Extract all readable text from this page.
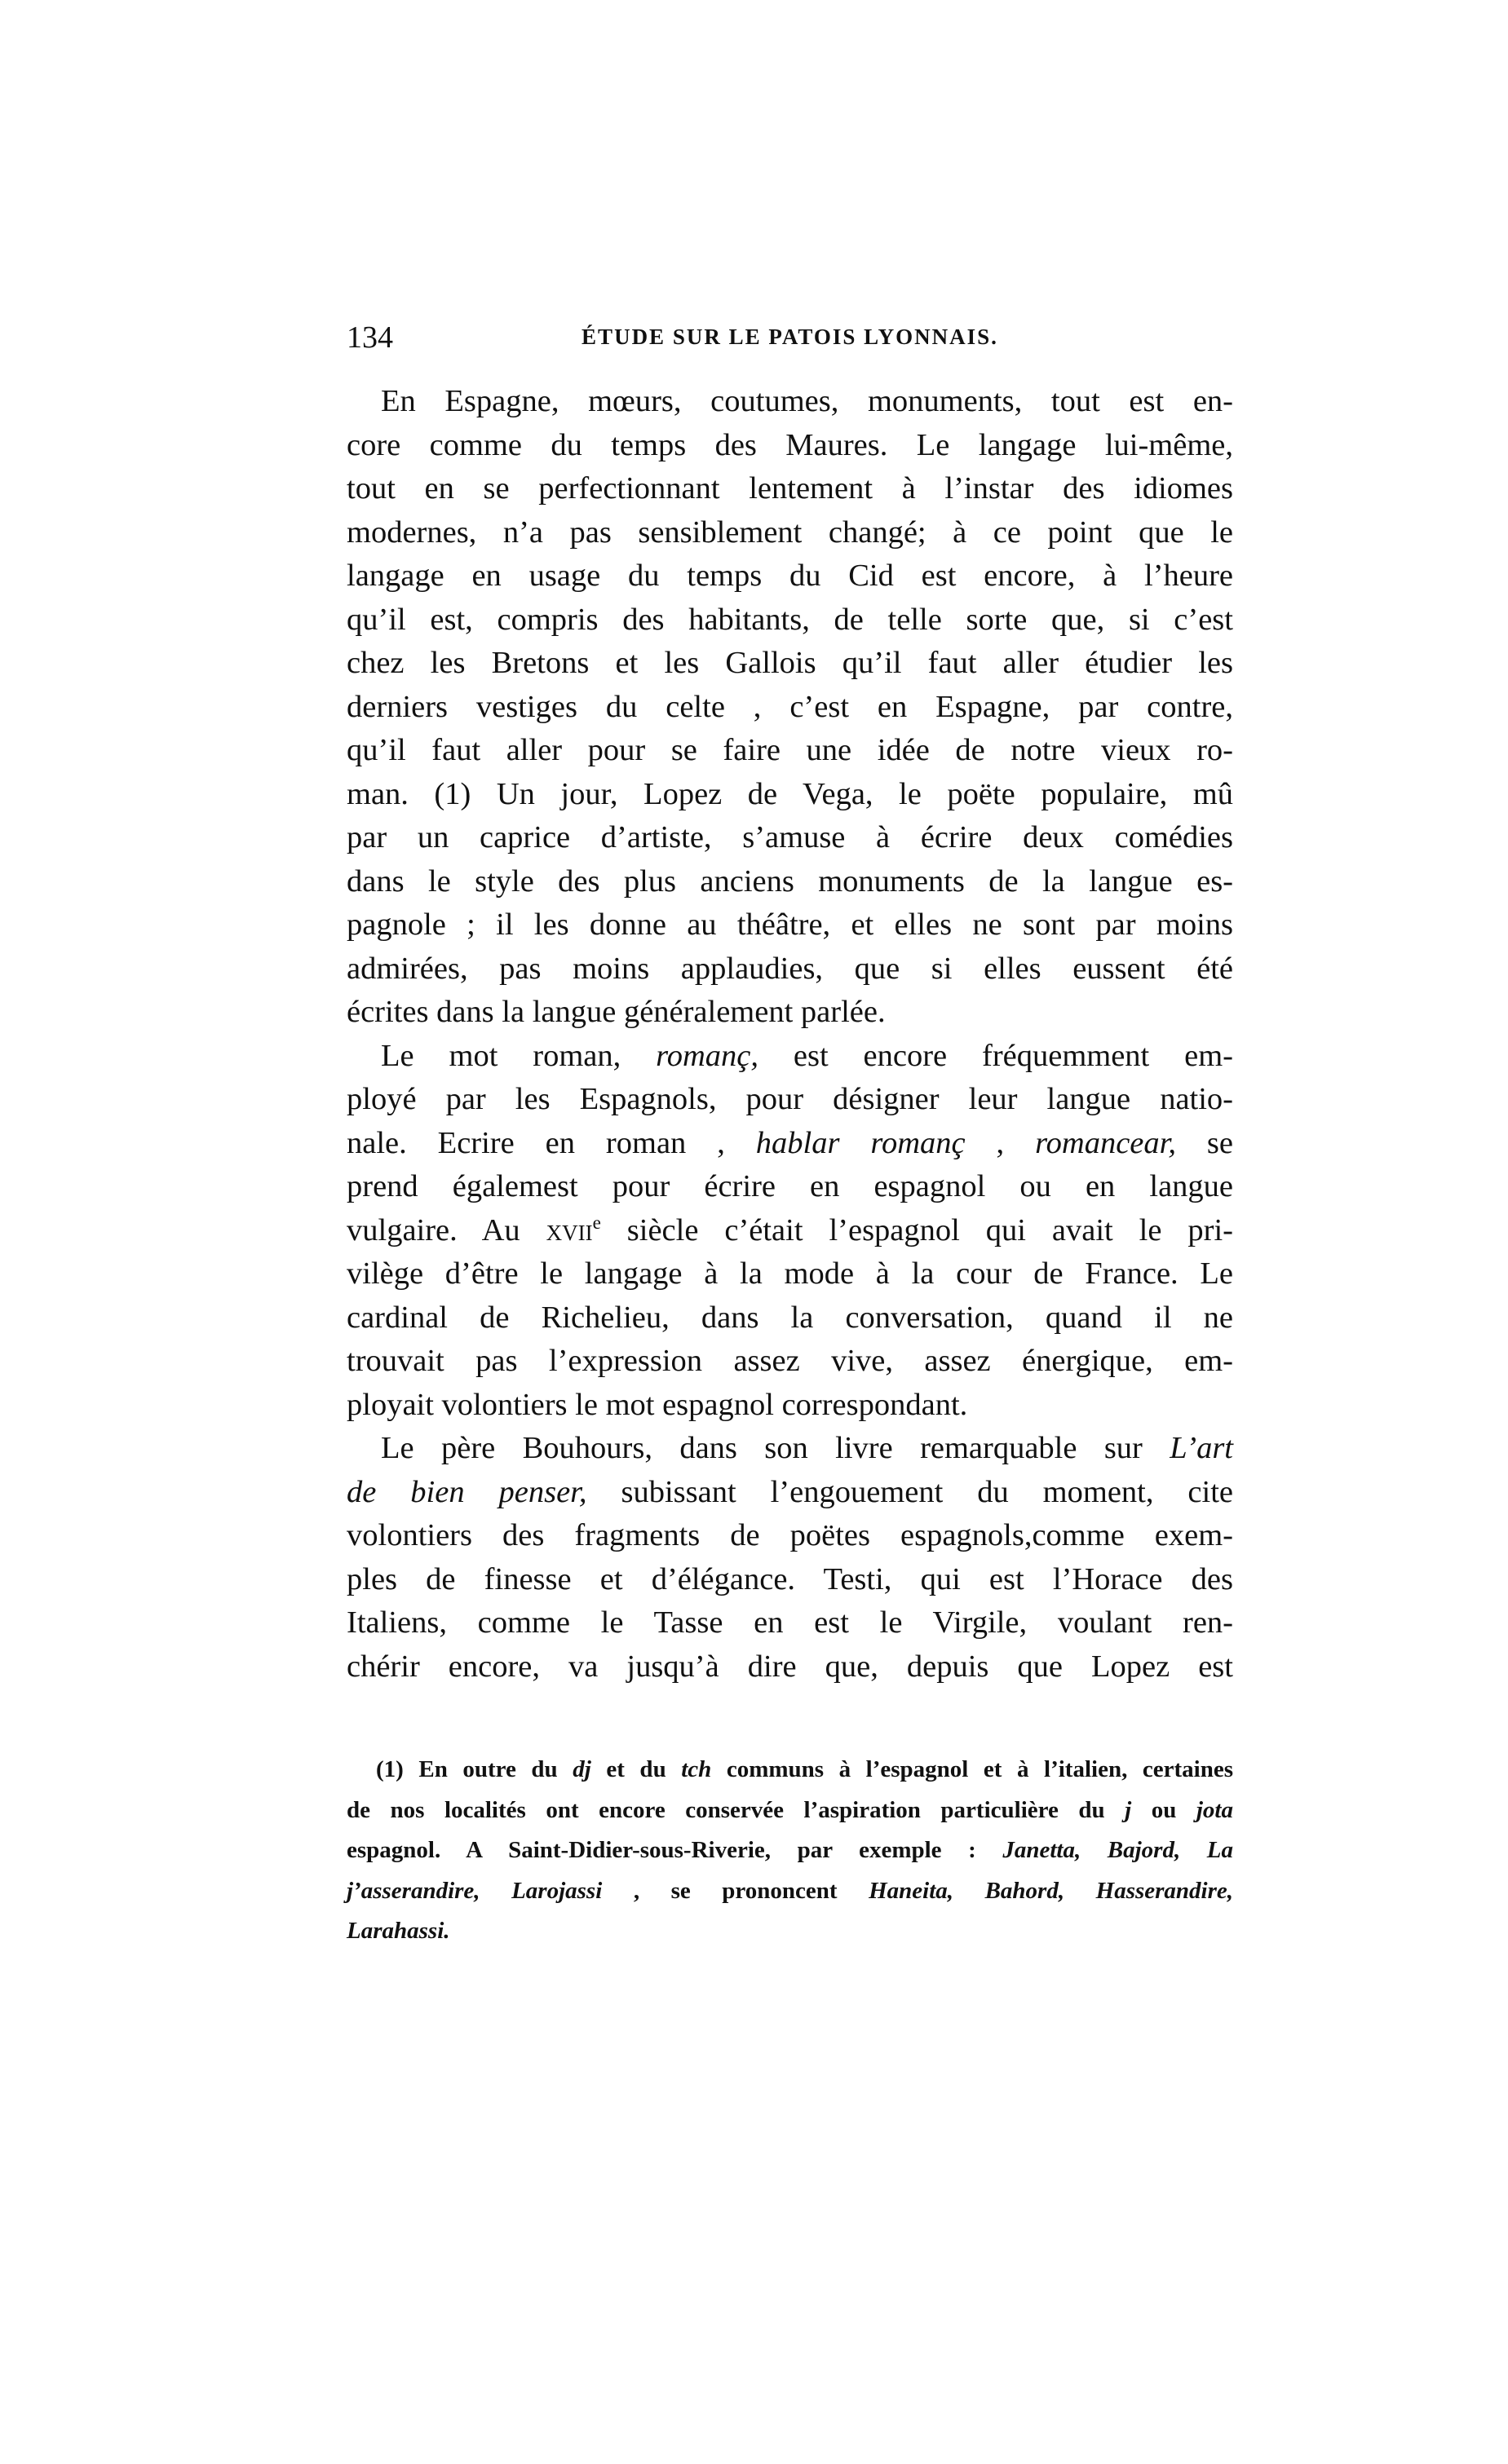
134	ÉTUDE SUR LE PATOIS LYONNAIS.
En Espagne, mœurs, coutumes, monuments, tout est en-
core comme du temps des Maures. Le langage lui-même,
tout en se perfectionnant lentement à l’instar des idiomes
modernes, n’a pas sensiblement changé; à ce point que le
langage en usage du temps du Cid est encore, à l’heure
qu’il est, compris des habitants, de telle sorte que, si c’est
chez les Bretons et les Gallois qu’il faut aller étudier les
derniers vestiges du celte , c’est en Espagne, par contre,
qu’il faut aller pour se faire une idée de notre vieux ro-
man. (1) Un jour, Lopez de Vega, le poëte populaire, mû
par un caprice d’artiste, s’amuse à écrire deux comédies
dans le style des plus anciens monuments de la langue es-
pagnole ; il les donne au théâtre, et elles ne sont par moins
admirées, pas moins applaudies, que si elles eussent été
écrites dans la langue généralement parlée.
Le mot roman, romanç, est encore fréquemment em-
ployé par les Espagnols, pour désigner leur langue natio-
nale. Ecrire en roman , hablar romanç , romancear, se
prend égalemest pour écrire en espagnol ou en langue
vulgaire. Au xvii$^e$ siècle c’était l’espagnol qui avait le pri-
vilège d’être le langage à la mode à la cour de France. Le
cardinal de Richelieu, dans la conversation, quand il ne
trouvait pas l’expression assez vive, assez énergique, em-
ployait volontiers le mot espagnol correspondant.
Le père Bouhours, dans son livre remarquable sur L’art
de bien penser, subissant l’engouement du moment, cite
volontiers des fragments de poëtes espagnols,comme exem-
ples de finesse et d’élégance. Testi, qui est l’Horace des
Italiens, comme le Tasse en est le Virgile, voulant ren-
chérir encore, va jusqu’à dire que, depuis que Lopez est
(1) En outre du dj et du tch communs à l’espagnol et à l’italien, certaines
de nos localités ont encore conservée l’aspiration particulière du j ou jota
espagnol. A Saint-Didier-sous-Riverie, par exemple : Janetta, Bajord, La
j’asserandire, Larojassi , se prononcent Haneita, Bahord, Hasserandire,
Larahassi.
